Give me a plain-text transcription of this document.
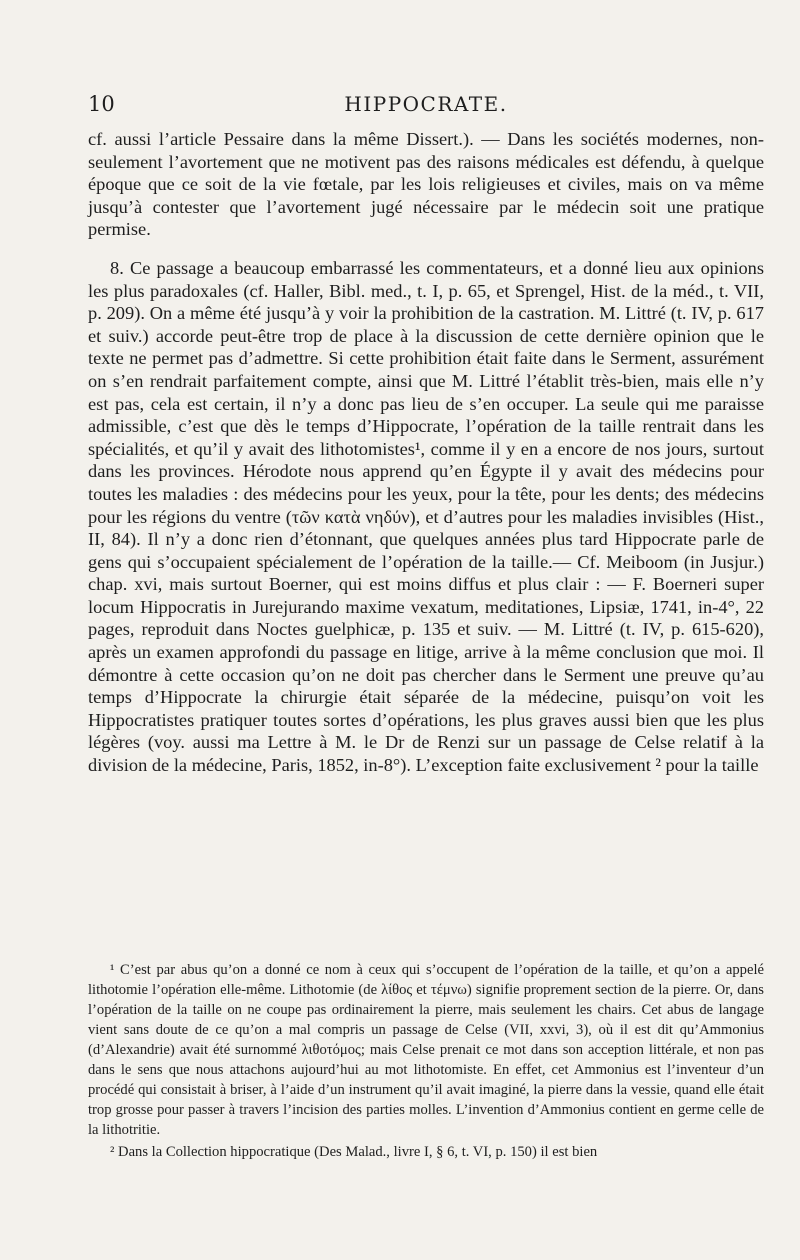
10	HIPPOCRATE.

cf. aussi l’article Pessaire dans la même Dissert.). — Dans les sociétés modernes, non-seulement l’avortement que ne motivent pas des raisons médicales est défendu, à quelque époque que ce soit de la vie fœtale, par les lois religieuses et civiles, mais on va même jusqu’à contester que l’avortement jugé nécessaire par le médecin soit une pratique permise.

8. Ce passage a beaucoup embarrassé les commentateurs, et a donné lieu aux opinions les plus paradoxales (cf. Haller, Bibl. med., t. I, p. 65, et Sprengel, Hist. de la méd., t. VII, p. 209). On a même été jusqu’à y voir la prohibition de la castration. M. Littré (t. IV, p. 617 et suiv.) accorde peut-être trop de place à la discussion de cette dernière opinion que le texte ne permet pas d’admettre. Si cette prohibition était faite dans le Serment, assurément on s’en rendrait parfaitement compte, ainsi que M. Littré l’établit très-bien, mais elle n’y est pas, cela est certain, il n’y a donc pas lieu de s’en occuper. La seule qui me paraisse admissible, c’est que dès le temps d’Hippocrate, l’opération de la taille rentrait dans les spécialités, et qu’il y avait des lithotomistes¹, comme il y en a encore de nos jours, surtout dans les provinces. Hérodote nous apprend qu’en Égypte il y avait des médecins pour toutes les maladies : des médecins pour les yeux, pour la tête, pour les dents; des médecins pour les régions du ventre (τῶν κατὰ νηδύν), et d’autres pour les maladies invisibles (Hist., II, 84). Il n’y a donc rien d’étonnant, que quelques années plus tard Hippocrate parle de gens qui s’occupaient spécialement de l’opération de la taille.— Cf. Meiboom (in Jusjur.) chap. xvi, mais surtout Boerner, qui est moins diffus et plus clair : — F. Boerneri super locum Hippocratis in Jurejurando maxime vexatum, meditationes, Lipsiæ, 1741, in-4°, 22 pages, reproduit dans Noctes guelphicæ, p. 135 et suiv. — M. Littré (t. IV, p. 615-620), après un examen approfondi du passage en litige, arrive à la même conclusion que moi. Il démontre à cette occasion qu’on ne doit pas chercher dans le Serment une preuve qu’au temps d’Hippocrate la chirurgie était séparée de la médecine, puisqu’on voit les Hippocratistes pratiquer toutes sortes d’opérations, les plus graves aussi bien que les plus légères (voy. aussi ma Lettre à M. le Dr de Renzi sur un passage de Celse relatif à la division de la médecine, Paris, 1852, in-8°). L’exception faite exclusivement ² pour la taille

¹ C’est par abus qu’on a donné ce nom à ceux qui s’occupent de l’opération de la taille, et qu’on a appelé lithotomie l’opération elle-même. Lithotomie (de λίθος et τέμνω) signifie proprement section de la pierre. Or, dans l’opération de la taille on ne coupe pas ordinairement la pierre, mais seulement les chairs. Cet abus de langage vient sans doute de ce qu’on a mal compris un passage de Celse (VII, xxvi, 3), où il est dit qu’Ammonius (d’Alexandrie) avait été surnommé λιθοτόμος; mais Celse prenait ce mot dans son acception littérale, et non pas dans le sens que nous attachons aujourd’hui au mot lithotomiste. En effet, cet Ammonius est l’inventeur d’un procédé qui consistait à briser, à l’aide d’un instrument qu’il avait imaginé, la pierre dans la vessie, quand elle était trop grosse pour passer à travers l’incision des parties molles. L’invention d’Ammonius contient en germe celle de la lithotritie.

² Dans la Collection hippocratique (Des Malad., livre I, § 6, t. VI, p. 150) il est bien
